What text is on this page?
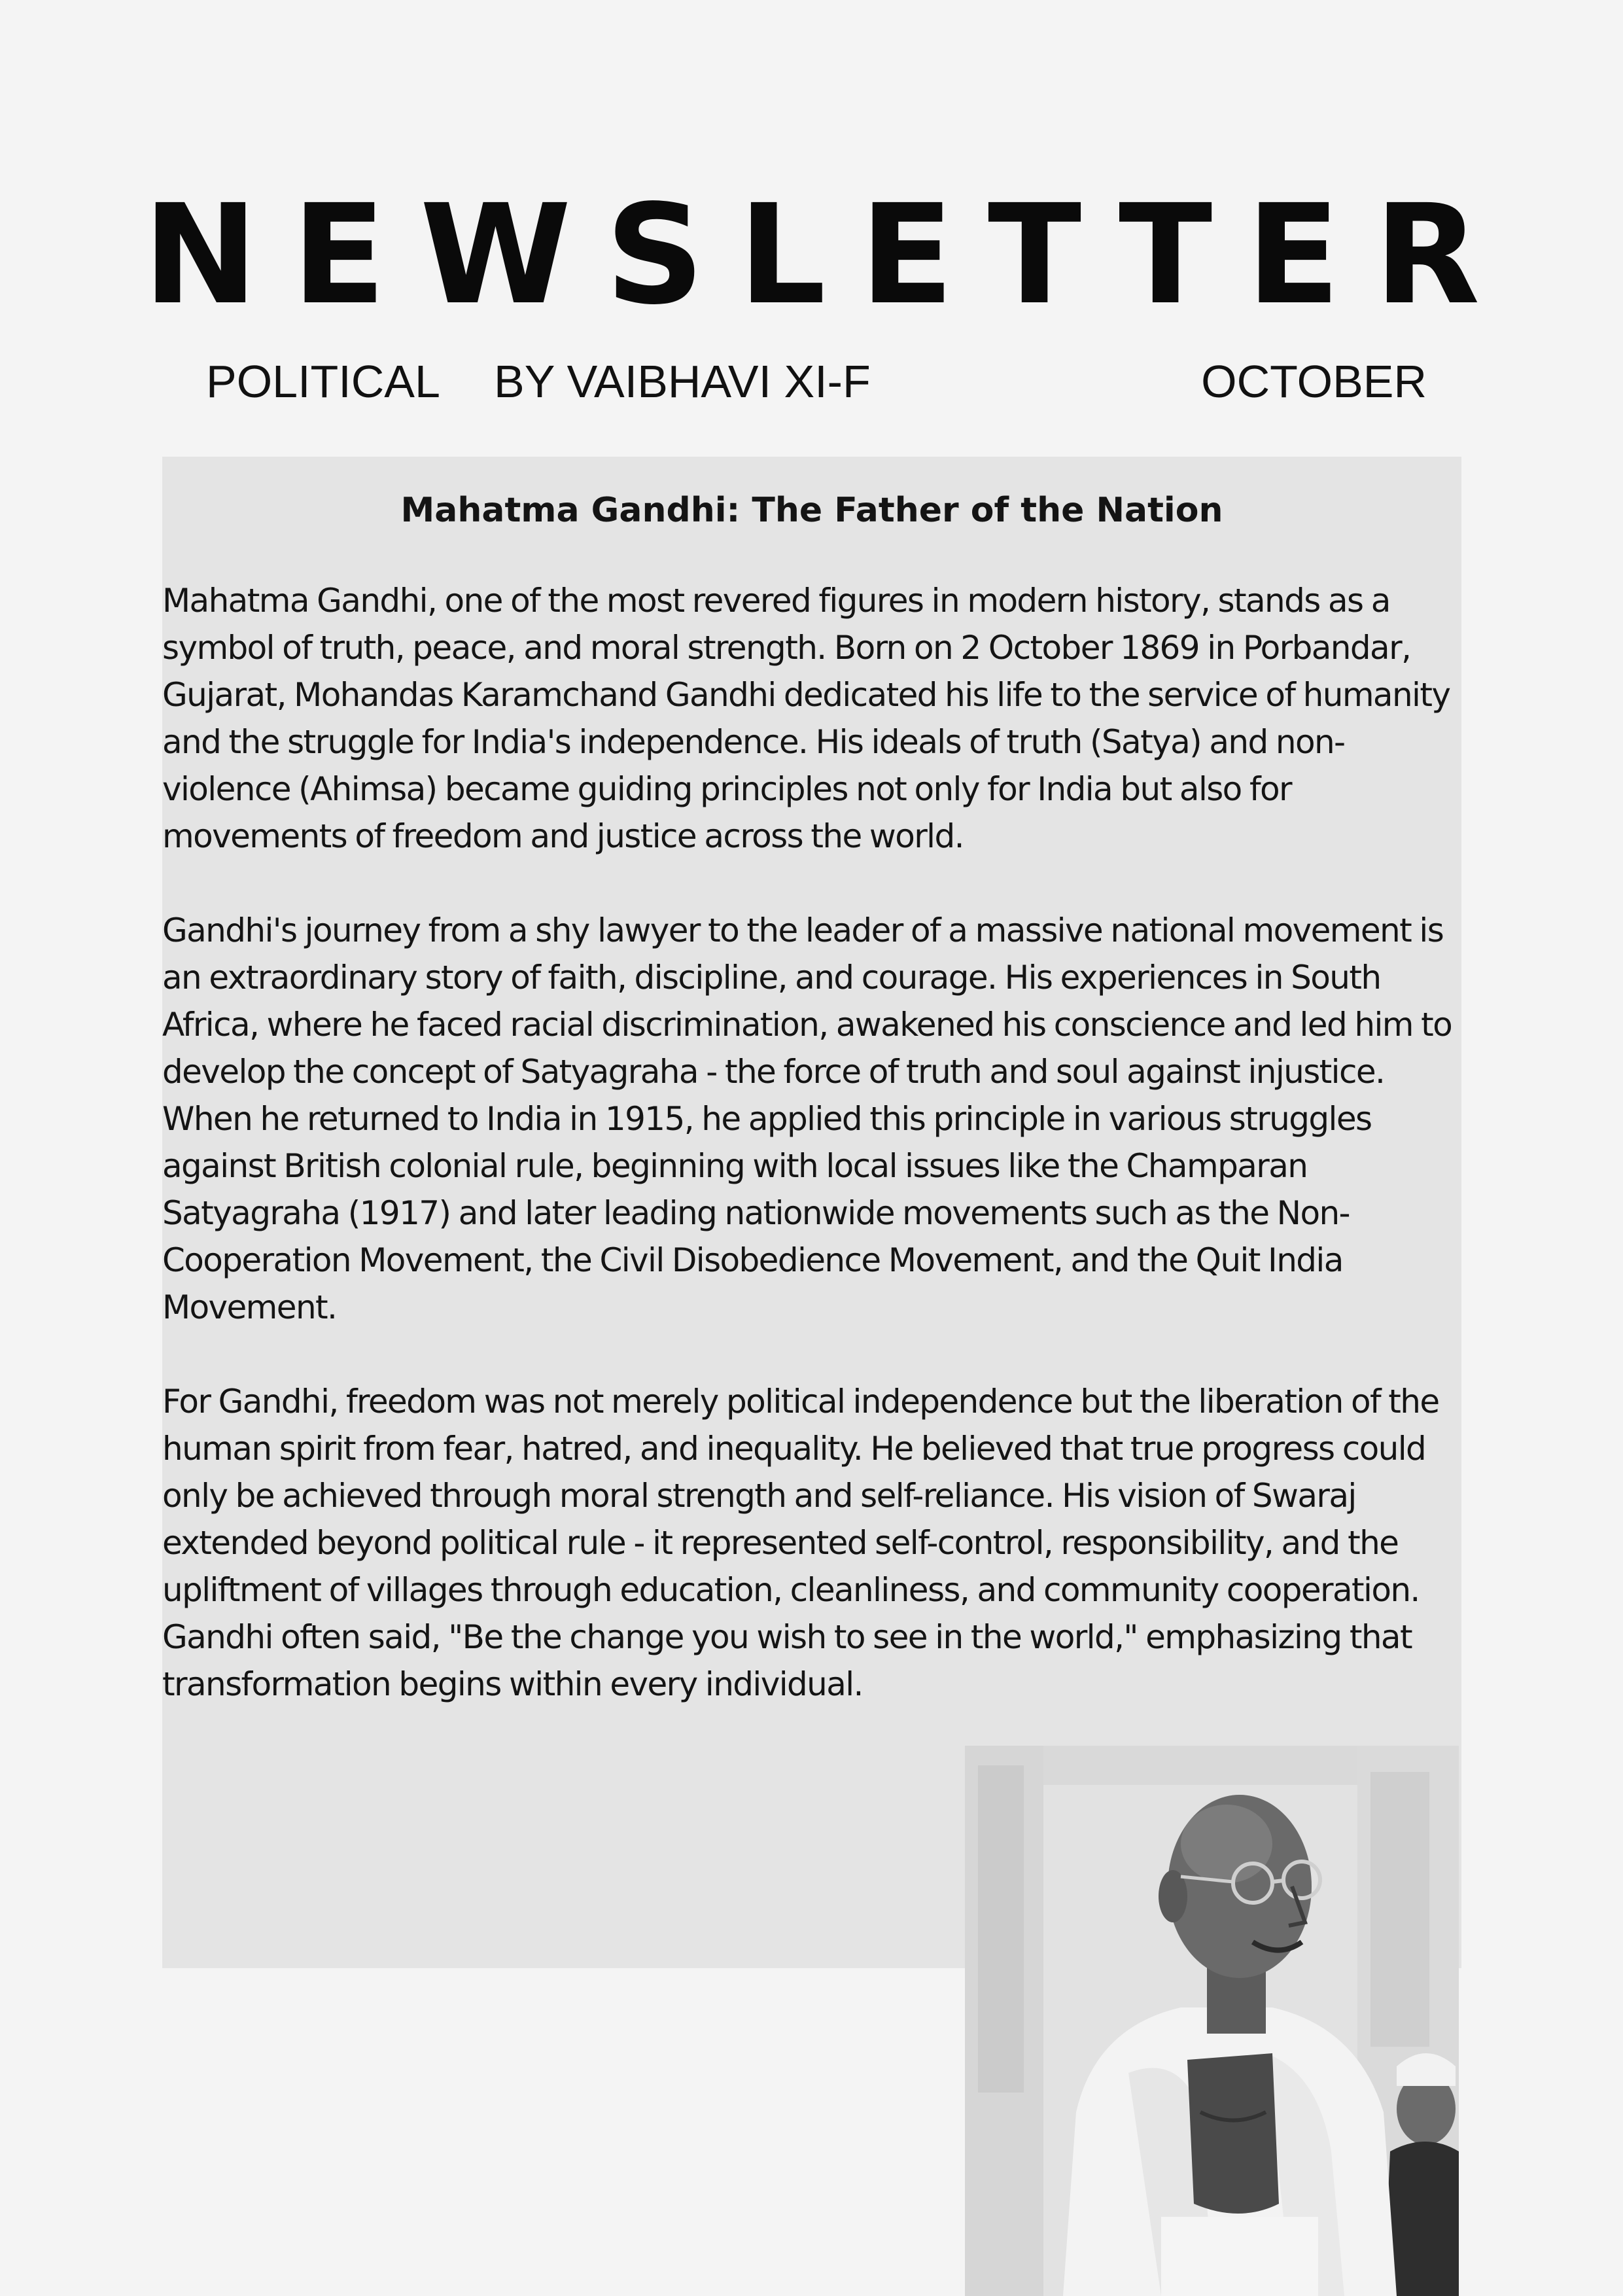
NEWSLETTER
POLITICAL BY VAIBHAVI XI-F	OCTOBER
Mahatma Gandhi: The Father of the Nation

Mahatma Gandhi, one of the most revered figures in modern history, stands as a symbol of truth, peace, and moral strength. Born on 2 October 1869 in Porbandar, Gujarat, Mohandas Karamchand Gandhi dedicated his life to the service of humanity and the struggle for India's independence. His ideals of truth (Satya) and non-violence (Ahimsa) became guiding principles not only for India but also for movements of freedom and justice across the world.

Gandhi's journey from a shy lawyer to the leader of a massive national movement is an extraordinary story of faith, discipline, and courage. His experiences in South Africa, where he faced racial discrimination, awakened his conscience and led him to develop the concept of Satyagraha - the force of truth and soul against injustice. When he returned to India in 1915, he applied this principle in various struggles against British colonial rule, beginning with local issues like the Champaran Satyagraha (1917) and later leading nationwide movements such as the Non-Cooperation Movement, the Civil Disobedience Movement, and the Quit India Movement.

For Gandhi, freedom was not merely political independence but the liberation of the human spirit from fear, hatred, and inequality. He believed that true progress could only be achieved through moral strength and self-reliance. His vision of Swaraj extended beyond political rule - it represented self-control, responsibility, and the upliftment of villages through education, cleanliness, and community cooperation. Gandhi often said, "Be the change you wish to see in the world," emphasizing that transformation begins within every individual.
